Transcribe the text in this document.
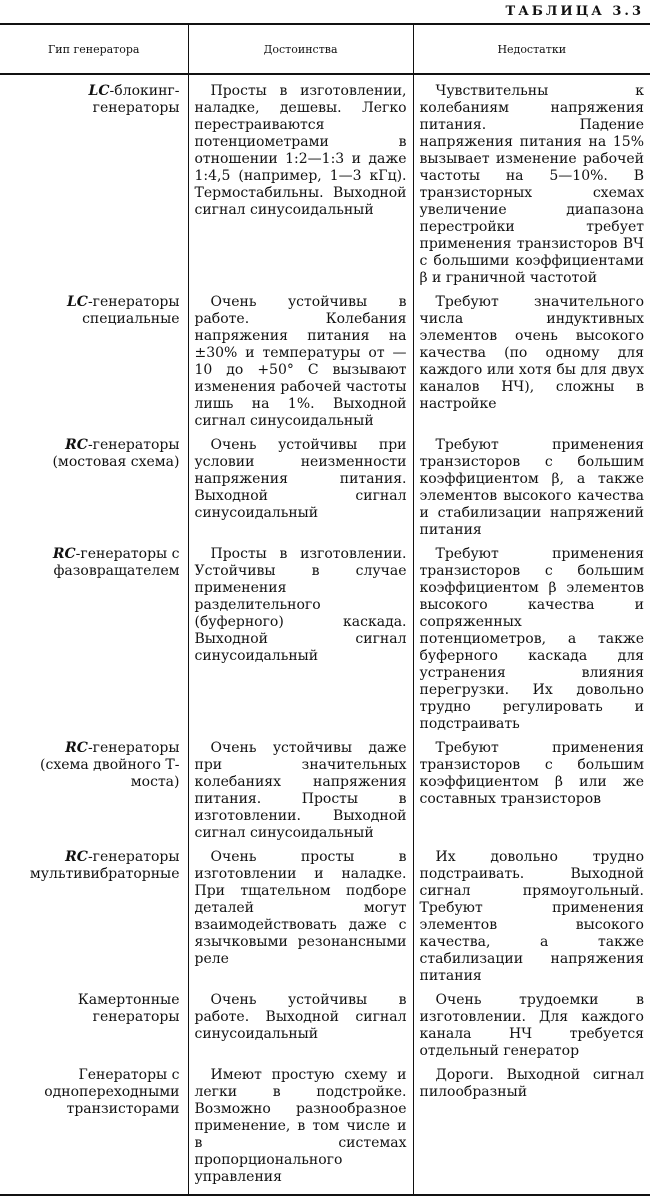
ТАБЛИЦА 3.3
Гип генератора	Достоинства	Недостатки
LC-блокинг-генераторы	Просты в изготовлении, наладке, дешевы. Легко перестраиваются потенциометрами в отношении 1:2—1:3 и даже 1:4,5 (например, 1—3 кГц). Термостабильны. Выходной сигнал синусоидальный	Чувствительны к колебаниям напряжения питания. Падение напряжения питания на 15% вызывает изменение рабочей частоты на 5—10%. В транзисторных схемах увеличение диапазона перестройки требует применения транзисторов ВЧ с большими коэффициентами β и граничной частотой
LC-генераторы специальные	Очень устойчивы в работе. Колебания напряжения питания на ±30% и температуры от —10 до +50° С вызывают изменения рабочей частоты лишь на 1%. Выходной сигнал синусоидальный	Требуют значительного числа индуктивных элементов очень высокого качества (по одному для каждого или хотя бы для двух каналов НЧ), сложны в настройке
RC-генераторы (мостовая схема)	Очень устойчивы при условии неизменности напряжения питания. Выходной сигнал синусоидальный	Требуют применения транзисторов с большим коэффициентом β, а также элементов высокого качества и стабилизации напряжений питания
RC-генераторы с фазовращателем	Просты в изготовлении. Устойчивы в случае применения разделительного (буферного) каскада. Выходной сигнал синусоидальный	Требуют применения транзисторов с большим коэффициентом β элементов высокого качества и сопряженных потенциометров, а также буферного каскада для устранения влияния перегрузки. Их довольно трудно регулировать и подстраивать
RC-генераторы (схема двойного Т-моста)	Очень устойчивы даже при значительных колебаниях напряжения питания. Просты в изготовлении. Выходной сигнал синусоидальный	Требуют применения транзисторов с большим коэффициентом β или же составных транзисторов
RC-генераторы мультивибраторные	Очень просты в изготовлении и наладке. При тщательном подборе деталей могут взаимодействовать даже с язычковыми резонансными реле	Их довольно трудно подстраивать. Выходной сигнал прямоугольный. Требуют применения элементов высокого качества, а также стабилизации напряжения питания
Камертонные генераторы	Очень устойчивы в работе. Выходной сигнал синусоидальный	Очень трудоемки в изготовлении. Для каждого канала НЧ требуется отдельный генератор
Генераторы с однопереходными транзисторами	Имеют простую схему и легки в подстройке. Возможно разнообразное применение, в том числе и в системах пропорционального управления	Дороги. Выходной сигнал пилообразный
